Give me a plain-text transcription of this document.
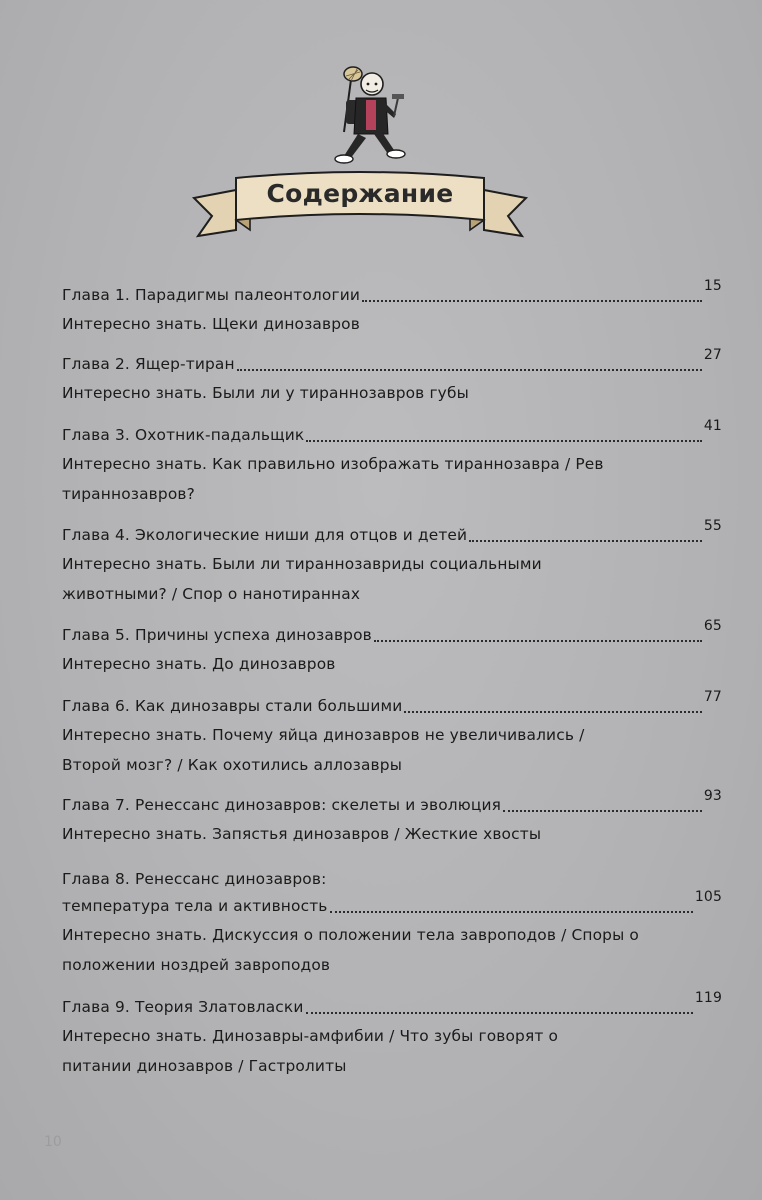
Содержание
Глава 1. Парадигмы палеонтологии	15
Интересно знать. Щеки динозавров
Глава 2. Ящер-тиран	27
Интересно знать. Были ли у тираннозавров губы
Глава 3. Охотник-падальщик	41
Интересно знать. Как правильно изображать тираннозавра / Рев
тираннозавров?
Глава 4. Экологические ниши для отцов и детей	55
Интересно знать. Были ли тираннозавриды социальными
животными? / Спор о нанотираннах
Глава 5. Причины успеха динозавров	65
Интересно знать. До динозавров
Глава 6. Как динозавры стали большими	77
Интересно знать. Почему яйца динозавров не увеличивались /
Второй мозг? / Как охотились аллозавры
Глава 7. Ренессанс динозавров: скелеты и эволюция	93
Интересно знать. Запястья динозавров / Жесткие хвосты
Глава 8. Ренессанс динозавров:
температура тела и активность	105
Интересно знать. Дискуссия о положении тела завроподов / Споры о
положении ноздрей завроподов
Глава 9. Теория Златовласки	119
Интересно знать. Динозавры-амфибии / Что зубы говорят о
питании динозавров / Гастролиты
10
